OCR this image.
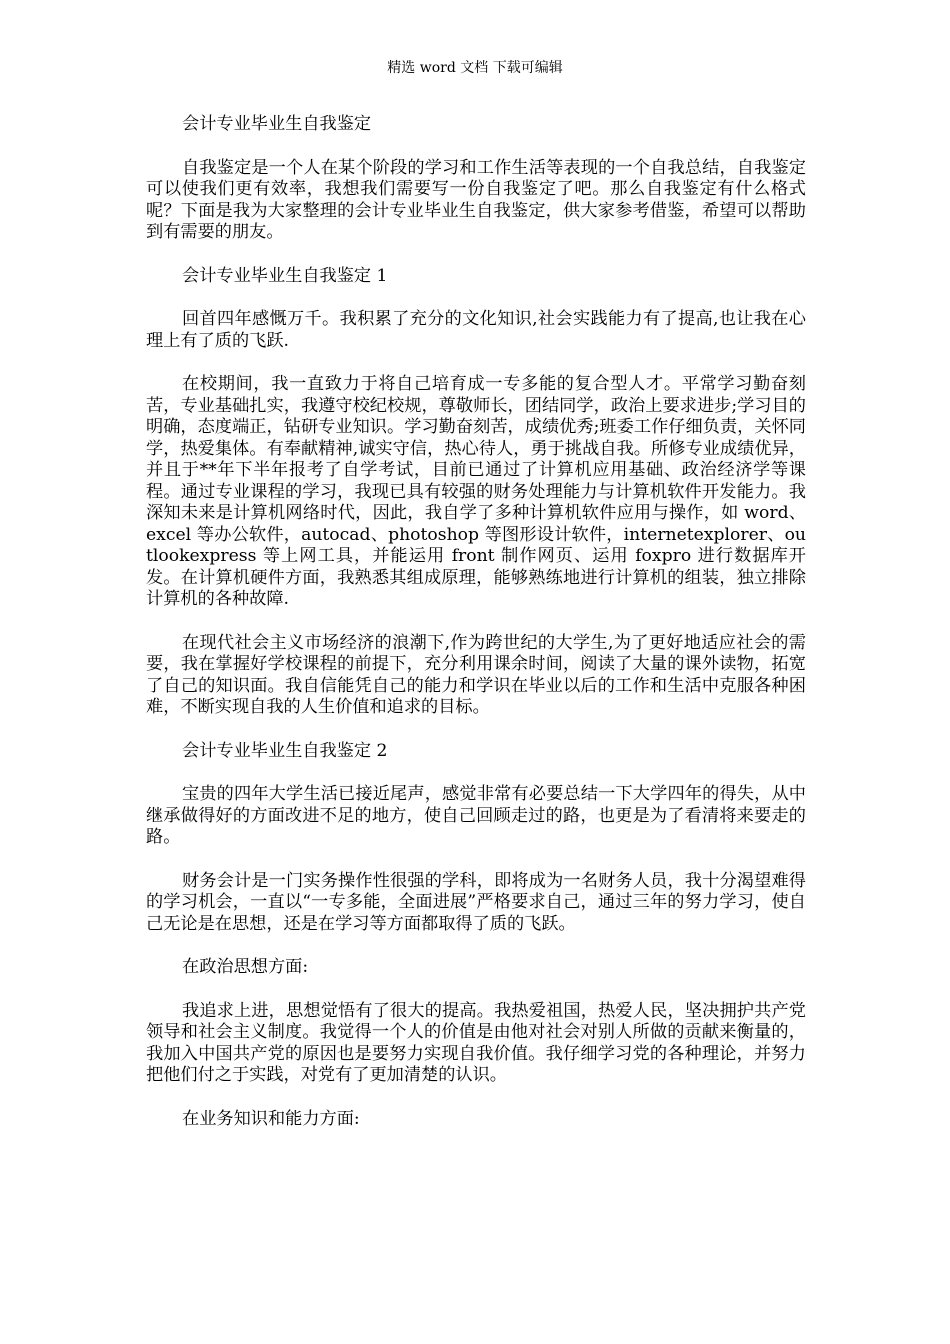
精选 word 文档 下载可编辑

会计专业毕业生自我鉴定

自我鉴定是一个人在某个阶段的学习和工作生活等表现的一个自我总结，自我鉴定可以使我们更有效率，我想我们需要写一份自我鉴定了吧。那么自我鉴定有什么格式呢？下面是我为大家整理的会计专业毕业生自我鉴定，供大家参考借鉴，希望可以帮助到有需要的朋友。

会计专业毕业生自我鉴定 1

回首四年感慨万千。我积累了充分的文化知识,社会实践能力有了提高,也让我在心理上有了质的飞跃.

在校期间，我一直致力于将自己培育成一专多能的复合型人才。平常学习勤奋刻苦，专业基础扎实，我遵守校纪校规，尊敬师长，团结同学，政治上要求进步;学习目的明确，态度端正，钻研专业知识。学习勤奋刻苦，成绩优秀;班委工作仔细负责，关怀同学，热爱集体。有奉献精神,诚实守信，热心待人，勇于挑战自我。所修专业成绩优异，并且于**年下半年报考了自学考试，目前已通过了计算机应用基础、政治经济学等课程。通过专业课程的学习，我现已具有较强的财务处理能力与计算机软件开发能力。我深知未来是计算机网络时代，因此，我自学了多种计算机软件应用与操作，如 word、excel 等办公软件，autocad、photoshop 等图形设计软件，internetexplorer、outlookexpress 等上网工具，并能运用 front 制作网页、运用 foxpro 进行数据库开发。在计算机硬件方面，我熟悉其组成原理，能够熟练地进行计算机的组装，独立排除计算机的各种故障.

在现代社会主义市场经济的浪潮下,作为跨世纪的大学生,为了更好地适应社会的需要，我在掌握好学校课程的前提下，充分利用课余时间，阅读了大量的课外读物，拓宽了自己的知识面。我自信能凭自己的能力和学识在毕业以后的工作和生活中克服各种困难，不断实现自我的人生价值和追求的目标。

会计专业毕业生自我鉴定 2

宝贵的四年大学生活已接近尾声，感觉非常有必要总结一下大学四年的得失，从中继承做得好的方面改进不足的地方，使自己回顾走过的路，也更是为了看清将来要走的路。

财务会计是一门实务操作性很强的学科，即将成为一名财务人员，我十分渴望难得的学习机会，一直以“一专多能，全面进展”严格要求自己，通过三年的努力学习，使自己无论是在思想，还是在学习等方面都取得了质的飞跃。

在政治思想方面:

我追求上进，思想觉悟有了很大的提高。我热爱祖国，热爱人民，坚决拥护共产党领导和社会主义制度。我觉得一个人的价值是由他对社会对别人所做的贡献来衡量的，我加入中国共产党的原因也是要努力实现自我价值。我仔细学习党的各种理论，并努力把他们付之于实践，对党有了更加清楚的认识。

在业务知识和能力方面:
